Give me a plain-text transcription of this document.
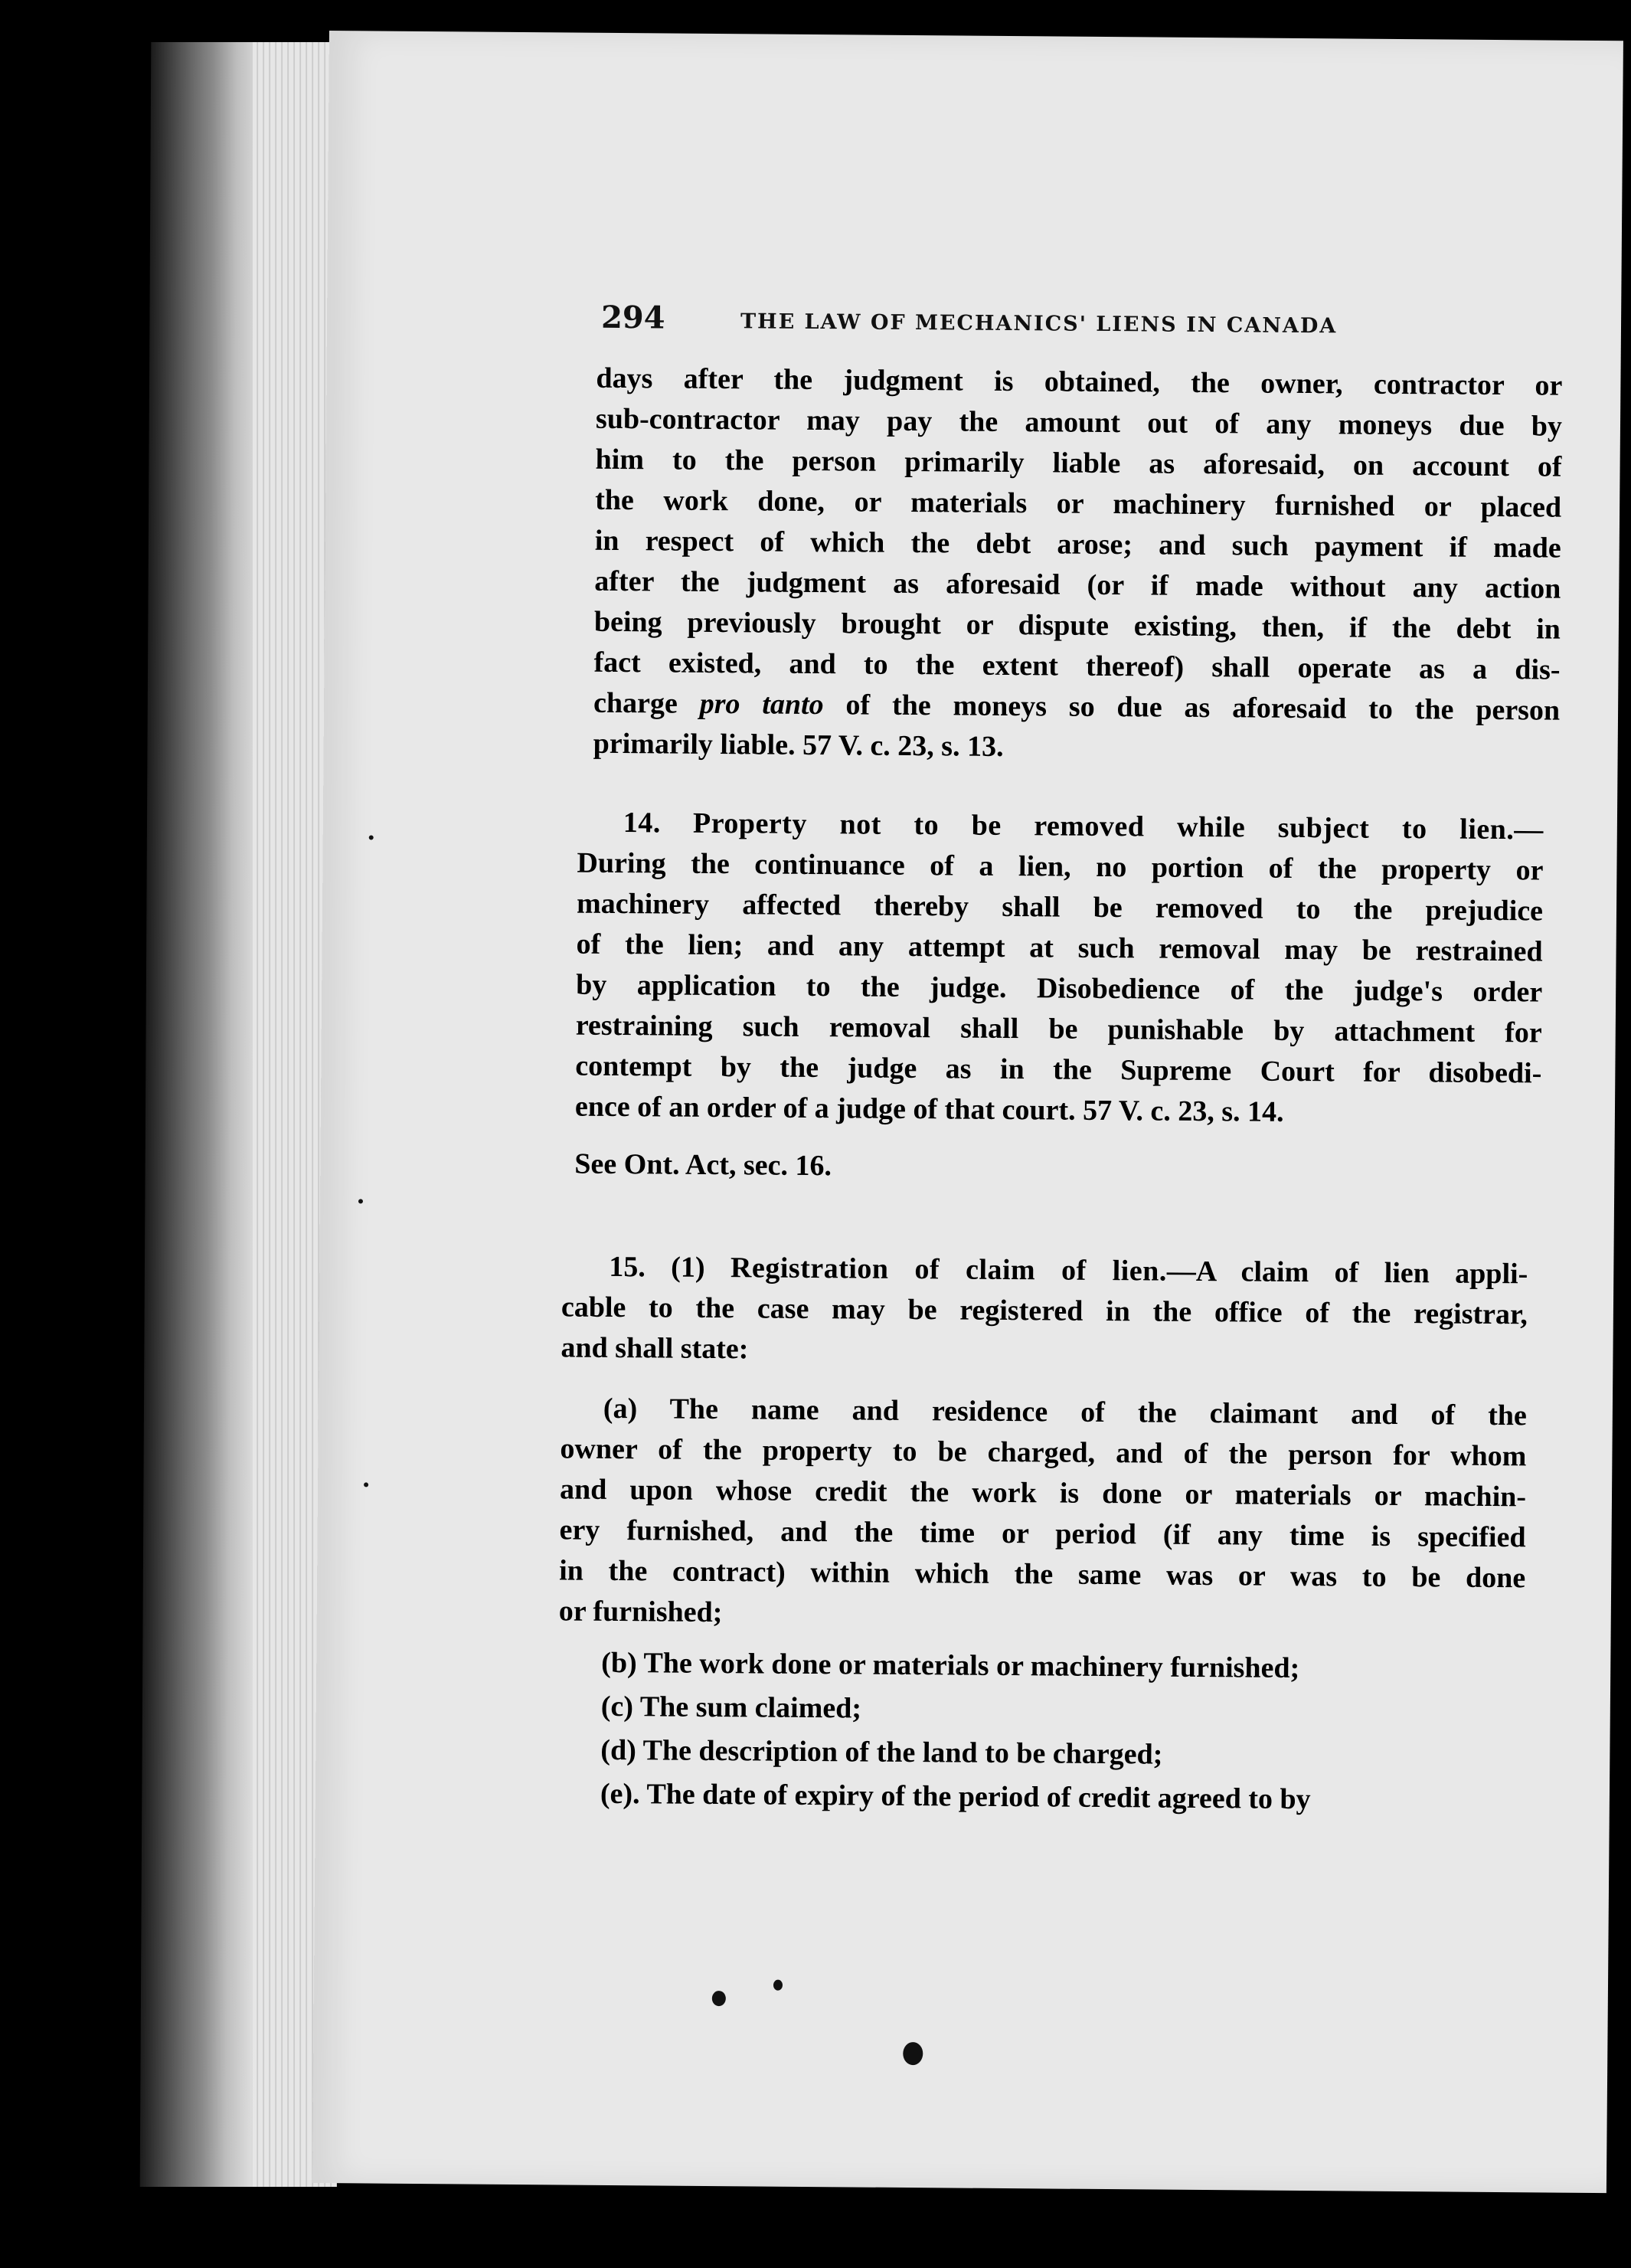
294	THE LAW OF MECHANICS' LIENS IN CANADA
days after the judgment is obtained, the owner, contractor or
sub-contractor may pay the amount out of any moneys due by
him to the person primarily liable as aforesaid, on account of
the work done, or materials or machinery furnished or placed
in respect of which the debt arose; and such payment if made
after the judgment as aforesaid (or if made without any action
being previously brought or dispute existing, then, if the debt in
fact existed, and to the extent thereof) shall operate as a dis-
charge pro tanto of the moneys so due as aforesaid to the person
primarily liable. 57 V. c. 23, s. 13.
14. Property not to be removed while subject to lien.—
During the continuance of a lien, no portion of the property or
machinery affected thereby shall be removed to the prejudice
of the lien; and any attempt at such removal may be restrained
by application to the judge. Disobedience of the judge's order
restraining such removal shall be punishable by attachment for
contempt by the judge as in the Supreme Court for disobedi-
ence of an order of a judge of that court. 57 V. c. 23, s. 14.
See Ont. Act, sec. 16.
15. (1) Registration of claim of lien.—A claim of lien appli-
cable to the case may be registered in the office of the registrar,
and shall state:
(a) The name and residence of the claimant and of the
owner of the property to be charged, and of the person for whom
and upon whose credit the work is done or materials or machin-
ery furnished, and the time or period (if any time is specified
in the contract) within which the same was or was to be done
or furnished;
(b) The work done or materials or machinery furnished;
(c) The sum claimed;
(d) The description of the land to be charged;
(e). The date of expiry of the period of credit agreed to by
